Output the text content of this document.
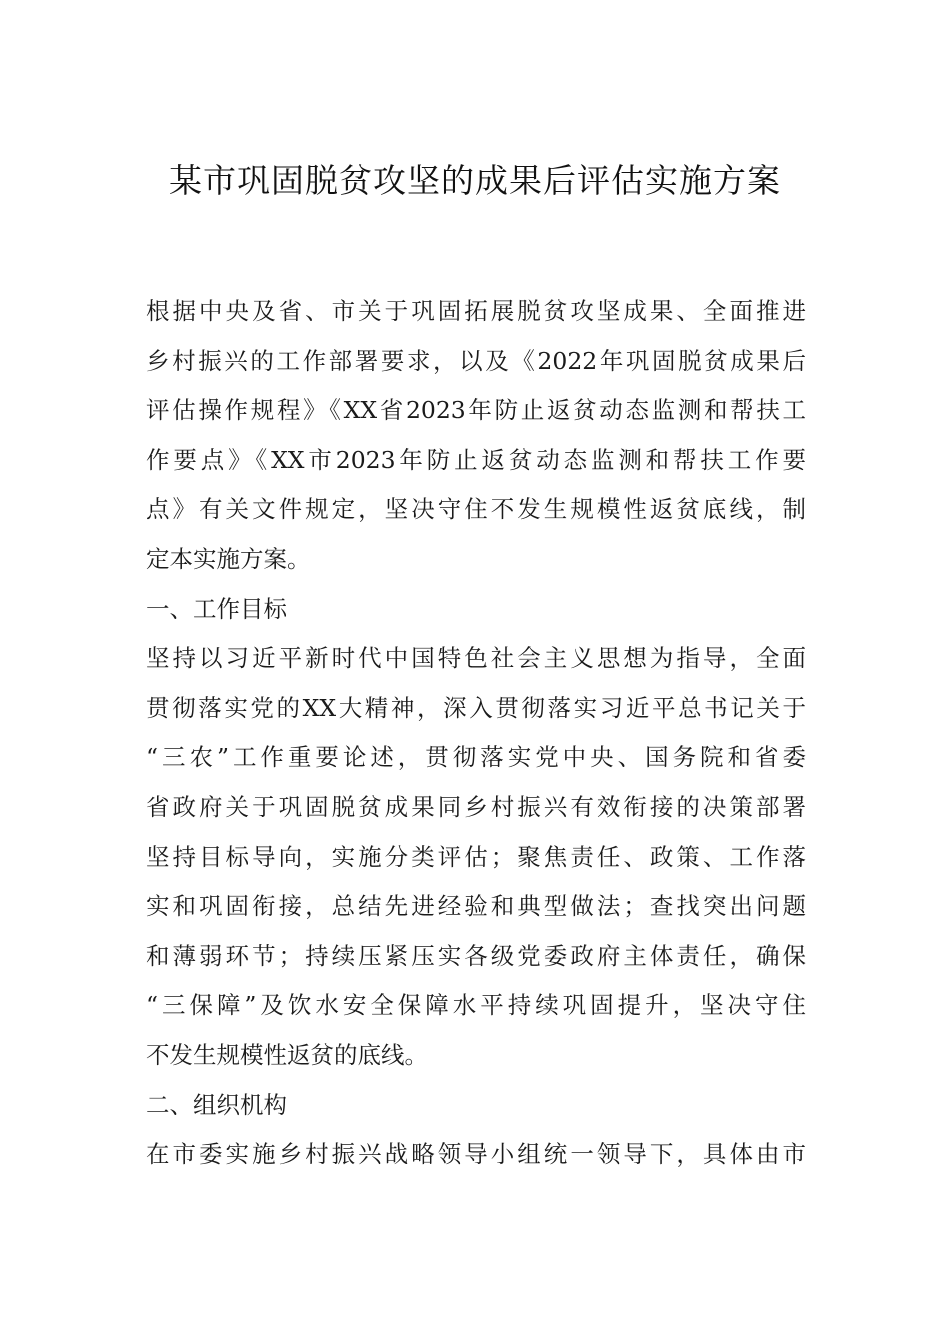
某市巩固脱贫攻坚的成果后评估实施方案
根据中央及省、市关于巩固拓展脱贫攻坚成果、全面推进
乡村振兴的工作部署要求，以及《2022年巩固脱贫成果后
评估操作规程》《XX省2023年防止返贫动态监测和帮扶工
作要点》《XX市2023年防止返贫动态监测和帮扶工作要
点》有关文件规定，坚决守住不发生规模性返贫底线，制
定本实施方案。
一、工作目标
坚持以习近平新时代中国特色社会主义思想为指导，全面
贯彻落实党的XX大精神，深入贯彻落实习近平总书记关于
“三农”工作重要论述，贯彻落实党中央、国务院和省委
省政府关于巩固脱贫成果同乡村振兴有效衔接的决策部署
坚持目标导向，实施分类评估；聚焦责任、政策、工作落
实和巩固衔接，总结先进经验和典型做法；查找突出问题
和薄弱环节；持续压紧压实各级党委政府主体责任，确保
“三保障”及饮水安全保障水平持续巩固提升，坚决守住
不发生规模性返贫的底线。
二、组织机构
在市委实施乡村振兴战略领导小组统一领导下，具体由市
